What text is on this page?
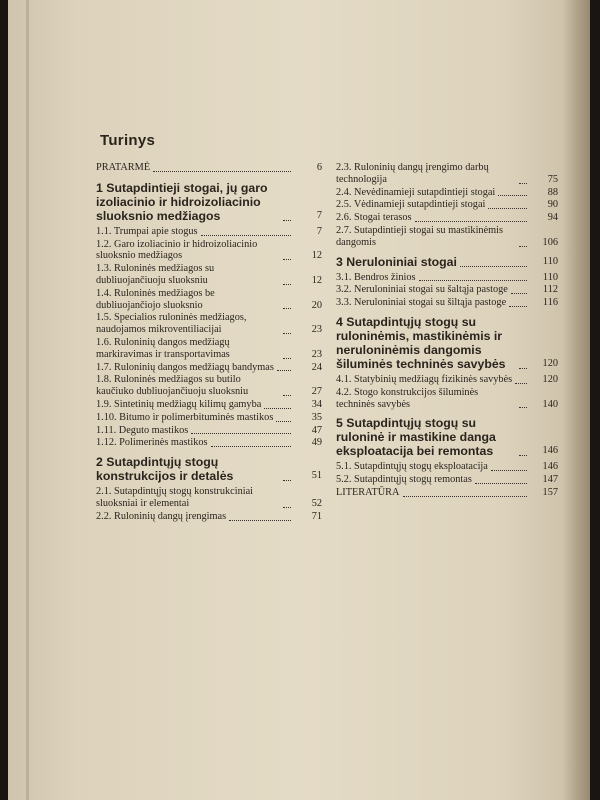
Turinys
PRATARMĖ	6
1 Sutapdintieji stogai, jų garo izoliacinio ir hidroizoliacinio sluoksnio medžiagos	7
1.1. Trumpai apie stogus	7
1.2. Garo izoliacinio ir hidroizoliacinio sluoksnio medžiagos	12
1.3. Ruloninės medžiagos su dubliuojančiuoju sluoksniu	12
1.4. Ruloninės medžiagos be dubliuojančiojo sluoksnio	20
1.5. Specialios ruloninės medžiagos, naudojamos mikroventiliacijai	23
1.6. Ruloninių dangos medžiagų markiravimas ir transportavimas	23
1.7. Ruloninių dangos medžiagų bandymas	24
1.8. Ruloninės medžiagos su butilo kaučiuko dubliuojančiuoju sluoksniu	27
1.9. Sintetinių medžiagų kilimų gamyba	34
1.10. Bitumo ir polimerbituminės mastikos	35
1.11. Deguto mastikos	47
1.12. Polimerinės mastikos	49
2 Sutapdintųjų stogų konstrukcijos ir detalės	51
2.1. Sutapdintųjų stogų konstrukciniai sluoksniai ir elementai	52
2.2. Ruloninių dangų įrengimas	71
2.3. Ruloninių dangų įrengimo darbų technologija	75
2.4. Nevėdinamieji sutapdintieji stogai	88
2.5. Vėdinamieji sutapdintieji stogai	90
2.6. Stogai terasos	94
2.7. Sutapdintieji stogai su mastikinėmis dangomis	106
3 Neruloniniai stogai	110
3.1. Bendros žinios	110
3.2. Neruloniniai stogai su šaltąja pastoge	112
3.3. Neruloniniai stogai su šiltąja pastoge	116
4 Sutapdintųjų stogų su ruloninėmis, mastikinėmis ir neruloninėmis dangomis šiluminės techninės savybės	120
4.1. Statybinių medžiagų fizikinės savybės	120
4.2. Stogo konstrukcijos šiluminės techninės savybės	140
5 Sutapdintųjų stogų su ruloninė ir mastikine danga eksploatacija bei remontas	146
5.1. Sutapdintųjų stogų eksploatacija	146
5.2. Sutapdintųjų stogų remontas	147
LITERATŪRA	157
